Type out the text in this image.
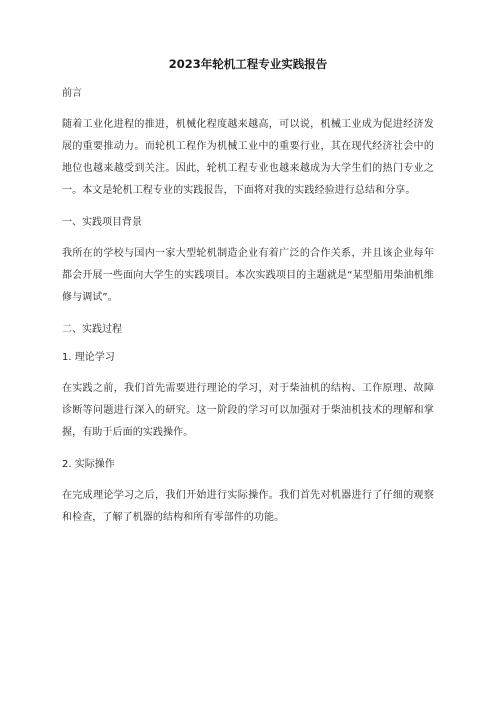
2023年轮机工程专业实践报告
前言
随着工业化进程的推进，机械化程度越来越高，可以说，机械工业成为促进经济发展的重要推动力。而轮机工程作为机械工业中的重要行业，其在现代经济社会中的地位也越来越受到关注。因此，轮机工程专业也越来越成为大学生们的热门专业之一。本文是轮机工程专业的实践报告，下面将对我的实践经验进行总结和分享。
一、实践项目背景
我所在的学校与国内一家大型轮机制造企业有着广泛的合作关系，并且该企业每年都会开展一些面向大学生的实践项目。本次实践项目的主题就是“某型船用柴油机维修与调试”。
二、实践过程
1. 理论学习
在实践之前，我们首先需要进行理论的学习，对于柴油机的结构、工作原理、故障诊断等问题进行深入的研究。这一阶段的学习可以加强对于柴油机技术的理解和掌握，有助于后面的实践操作。
2. 实际操作
在完成理论学习之后，我们开始进行实际操作。我们首先对机器进行了仔细的观察和检查，了解了机器的结构和所有零部件的功能。
